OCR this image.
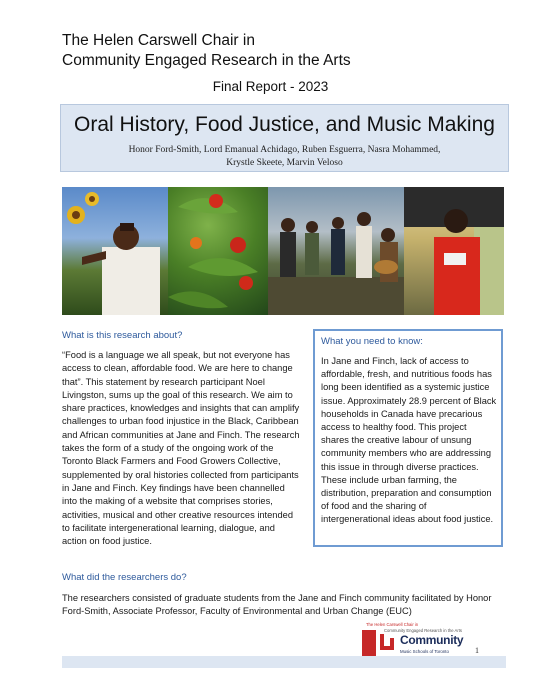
The Helen Carswell Chair in
Community Engaged Research in the Arts
Final Report - 2023
Oral History, Food Justice, and Music Making
Honor Ford-Smith, Lord Emanual Achidago, Ruben Esguerra, Nasra Mohammed,
Krystle Skeete, Marvin Veloso
What is this research about?
“Food is a language we all speak, but not everyone has access to clean, affordable food. We are here to change that”. This statement by research participant Noel Livingston, sums up the goal of this research. We aim to share practices, knowledges and insights that can amplify challenges to urban food injustice in the Black, Caribbean and African communities at Jane and Finch. The research takes the form of a study of the ongoing work of the Toronto Black Farmers and Food Growers Collective, supplemented by oral histories collected from participants in Jane and Finch. Key findings have been channelled into the making of a website that comprises stories, activities, musical and other creative resources intended to facilitate intergenerational learning, dialogue, and action on food justice.
What you need to know:
In Jane and Finch, lack of access to affordable, fresh, and nutritious foods has long been identified as a systemic justice issue. Approximately 28.9 percent of Black households in Canada have precarious access to healthy food. This project shares the creative labour of unsung community members who are addressing this issue in through diverse practices. These include urban farming, the distribution, preparation and consumption of food and the sharing of intergenerational ideas about food justice.
What did the researchers do?
The researchers consisted of graduate students from the Jane and Finch community facilitated by Honor Ford-Smith, Associate Professor, Faculty of Environmental and Urban Change (EUC)
The Helen Carswell Chair in
Community Engaged Research in the Arts
Community
Music Schools of Toronto	1
